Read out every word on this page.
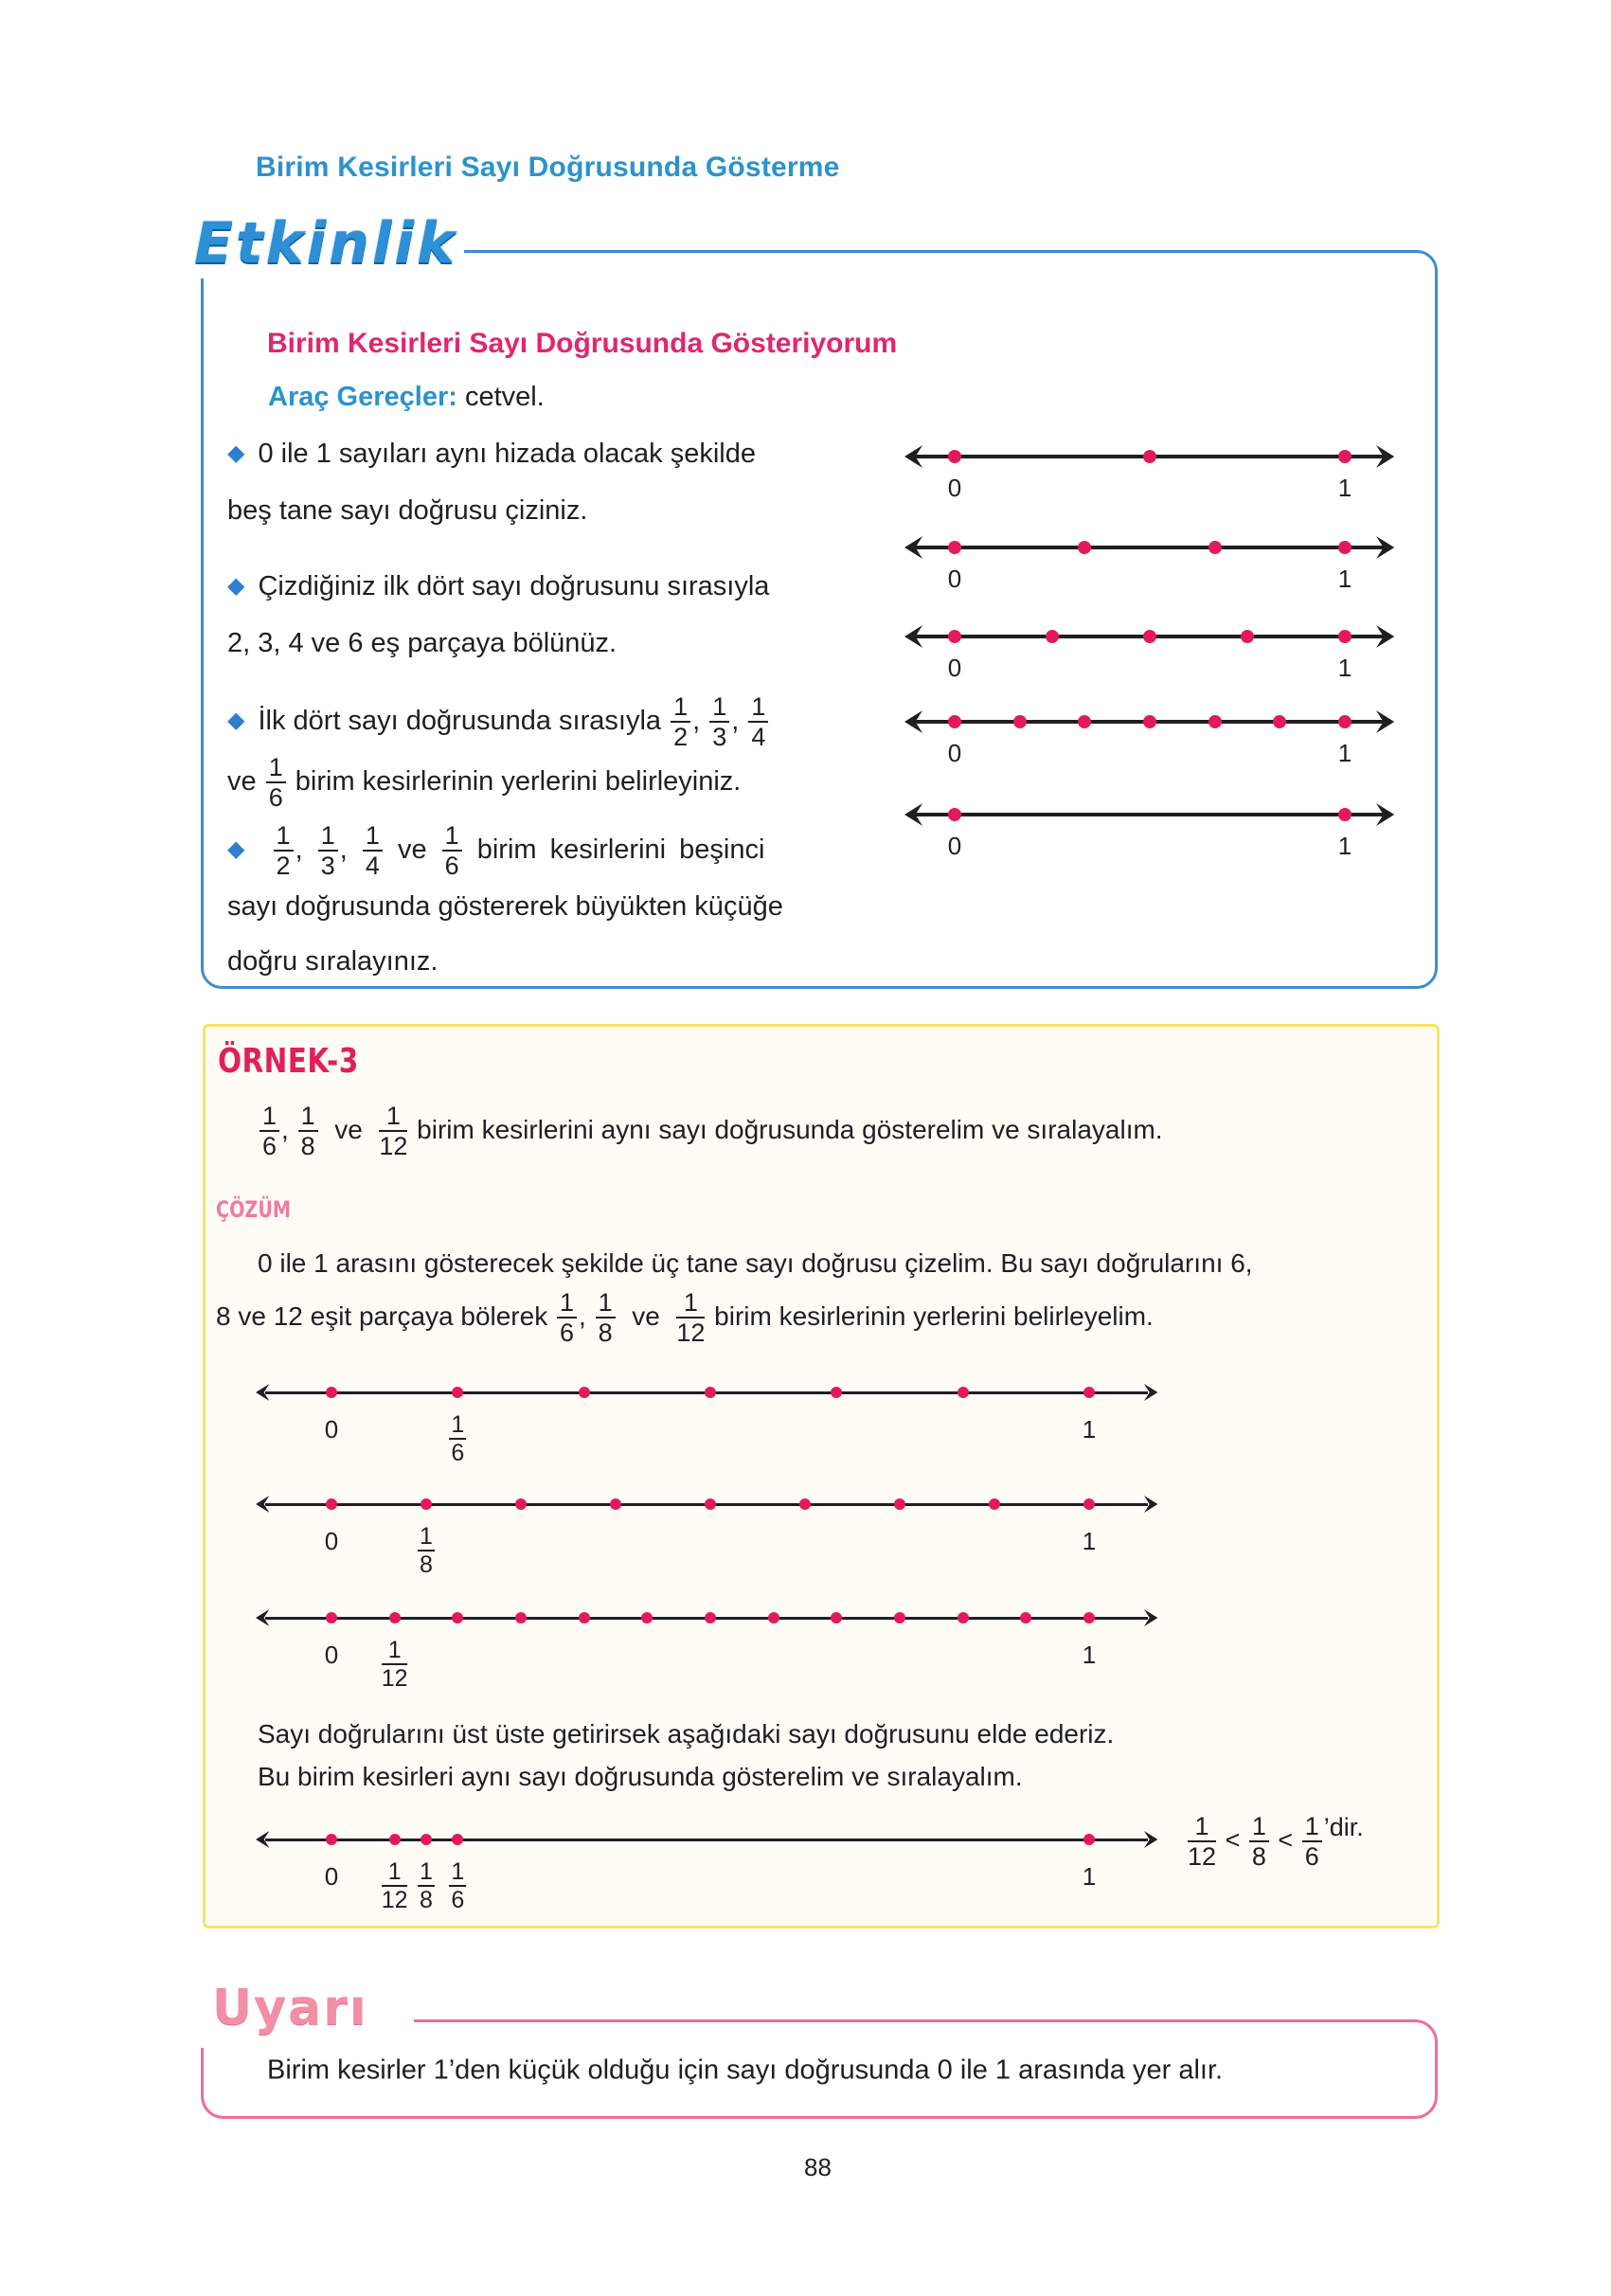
Birim Kesirleri Sayı Doğrusunda Gösterme
Etkinlik
Birim Kesirleri Sayı Doğrusunda Gösteriyorum
Araç Gereçler: cetvel.
◆ 0 ile 1 sayıları aynı hizada olacak şekilde
beş tane sayı doğrusu çiziniz.
◆ Çizdiğiniz ilk dört sayı doğrusunu sırasıyla
2, 3, 4 ve 6 eş parçaya bölünüz.
◆ İlk dört sayı doğrusunda sırasıyla $\frac{1}{2}$ , $\frac{1}{3}$ , $\frac{1}{4}$
ve $\frac{1}{6}$ birim kesirlerinin yerlerini belirleyiniz.
◆ $\frac{1}{2}$ , $\frac{1}{3}$ , $\frac{1}{4}$ ve $\frac{1}{6}$ birim kesirlerini beşinci
sayı doğrusunda göstererek büyükten küçüğe
doğru sıralayınız.
0	1
0	1
0	1
0	1
0	1
ÖRNEK-3
$\frac{1}{6}$ , $\frac{1}{8}$ ve $\frac{1}{12}$ birim kesirlerini aynı sayı doğrusunda gösterelim ve sıralayalım.
ÇÖZÜM
0 ile 1 arasını gösterecek şekilde üç tane sayı doğrusu çizelim. Bu sayı doğrularını 6,
8 ve 12 eşit parçaya bölerek $\frac{1}{6}$ , $\frac{1}{8}$ ve $\frac{1}{12}$ birim kesirlerinin yerlerini belirleyelim.
0	1
$\frac{1}{6}$
0	1
$\frac{1}{8}$
0	1
$\frac{1}{12}$
Sayı doğrularını üst üste getirirsek aşağıdaki sayı doğrusunu elde ederiz.
Bu birim kesirleri aynı sayı doğrusunda gösterelim ve sıralayalım.
0	1
$\frac{1}{12} \frac{1}{8} \frac{1}{6}$
$\frac{1}{12} < \frac{1}{8} < \frac{1}{6}$ ’dir.
Uyarı
Birim kesirler 1’den küçük olduğu için sayı doğrusunda 0 ile 1 arasında yer alır.
88
